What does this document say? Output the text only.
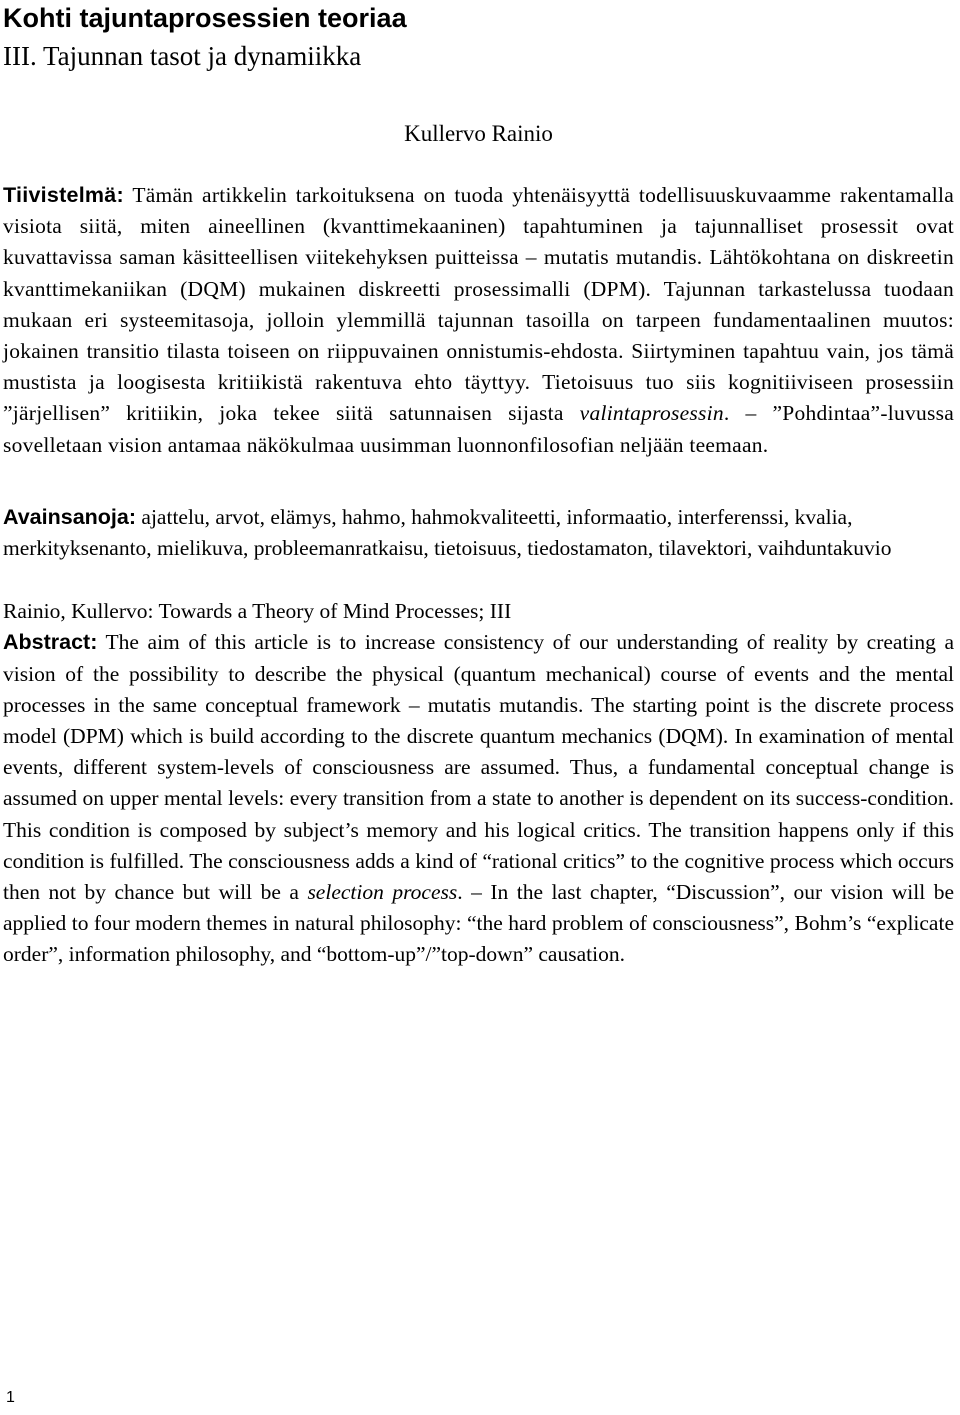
Kohti tajuntaprosessien teoriaa
III. Tajunnan tasot ja dynamiikka

Kullervo Rainio

Tiivistelmä: Tämän artikkelin tarkoituksena on tuoda yhtenäisyyttä todellisuuskuvaamme rakentamalla visiota siitä, miten aineellinen (kvanttimekaaninen) tapahtuminen ja tajunnalliset prosessit ovat kuvattavissa saman käsitteellisen viitekehyksen puitteissa – mutatis mutandis. Lähtökohtana on diskreetin kvanttimekaniikan (DQM) mukainen diskreetti prosessimalli (DPM). Tajunnan tarkastelussa tuodaan mukaan eri systeemitasoja, jolloin ylemmillä tajunnan tasoilla on tarpeen fundamentaalinen muutos: jokainen transitio tilasta toiseen on riippuvainen onnistumis-ehdosta. Siirtyminen tapahtuu vain, jos tämä mustista ja loogisesta kritiikistä rakentuva ehto täyttyy. Tietoisuus tuo siis kognitiiviseen prosessiin ”järjellisen” kritiikin, joka tekee siitä satunnaisen sijasta valintaprosessin. – ”Pohdintaa”-luvussa sovelletaan vision antamaa näkökulmaa uusimman luonnonfilosofian neljään teemaan.

Avainsanoja: ajattelu, arvot, elämys, hahmo, hahmokvaliteetti, informaatio, interferenssi, kvalia, merkityksenanto, mielikuva, probleemanratkaisu, tietoisuus, tiedostamaton, tilavektori, vaihduntakuvio

Rainio, Kullervo: Towards a Theory of Mind Processes; III

Abstract: The aim of this article is to increase consistency of our understanding of reality by creating a vision of the possibility to describe the physical (quantum mechanical) course of events and the mental processes in the same conceptual framework – mutatis mutandis. The starting point is the discrete process model (DPM) which is build according to the discrete quantum mechanics (DQM). In examination of mental events, different system-levels of consciousness are assumed. Thus, a fundamental conceptual change is assumed on upper mental levels: every transition from a state to another is dependent on its success-condition. This condition is composed by subject’s memory and his logical critics. The transition happens only if this condition is fulfilled. The consciousness adds a kind of “rational critics” to the cognitive process which occurs then not by chance but will be a selection process. – In the last chapter, “Discussion”, our vision will be applied to four modern themes in natural philosophy: “the hard problem of consciousness”, Bohm’s “explicate order”, information philosophy, and “bottom-up”/”top-down” causation.

1
